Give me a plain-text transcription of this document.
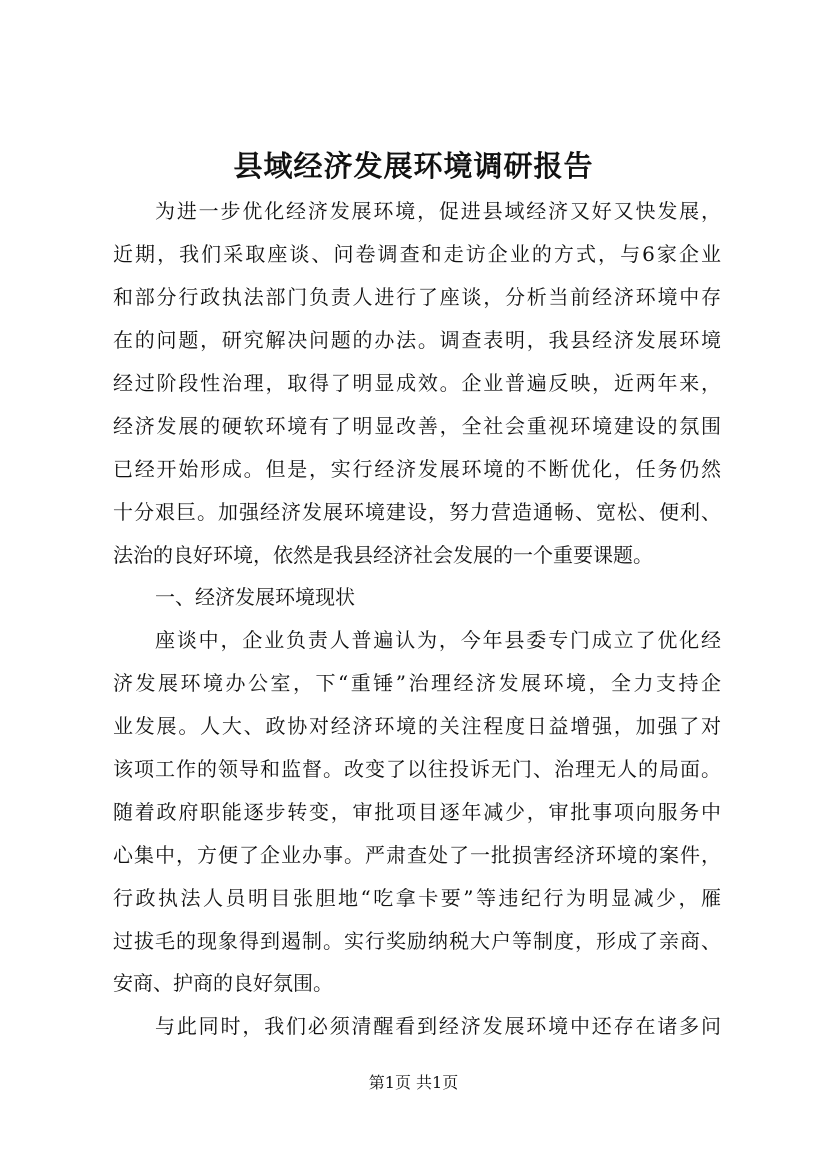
县域经济发展环境调研报告

为进一步优化经济发展环境，促进县域经济又好又快发展，

近期，我们采取座谈、问卷调查和走访企业的方式，与6家企业

和部分行政执法部门负责人进行了座谈，分析当前经济环境中存

在的问题，研究解决问题的办法。调查表明，我县经济发展环境

经过阶段性治理，取得了明显成效。企业普遍反映，近两年来，

经济发展的硬软环境有了明显改善，全社会重视环境建设的氛围

已经开始形成。但是，实行经济发展环境的不断优化，任务仍然

十分艰巨。加强经济发展环境建设，努力营造通畅、宽松、便利、

法治的良好环境，依然是我县经济社会发展的一个重要课题。

一、经济发展环境现状

座谈中，企业负责人普遍认为，今年县委专门成立了优化经

济发展环境办公室，下“重锤”治理经济发展环境，全力支持企

业发展。人大、政协对经济环境的关注程度日益增强，加强了对

该项工作的领导和监督。改变了以往投诉无门、治理无人的局面。

随着政府职能逐步转变，审批项目逐年减少，审批事项向服务中

心集中，方便了企业办事。严肃查处了一批损害经济环境的案件，

行政执法人员明目张胆地“吃拿卡要”等违纪行为明显减少，雁

过拔毛的现象得到遏制。实行奖励纳税大户等制度，形成了亲商、

安商、护商的良好氛围。

与此同时，我们必须清醒看到经济发展环境中还存在诸多问

第1页 共1页
